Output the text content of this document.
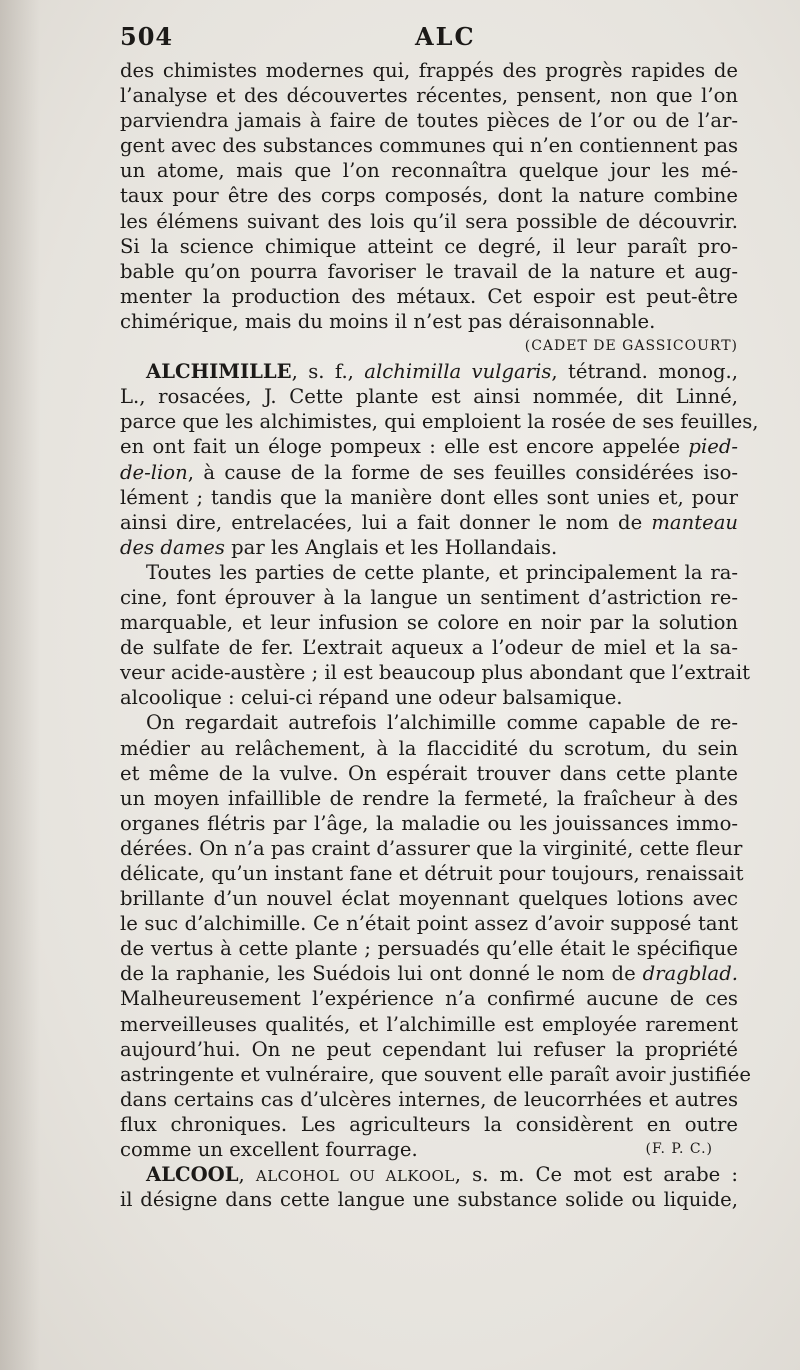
504	ALC
des chimistes modernes qui, frappés des progrès rapides de
l’analyse et des découvertes récentes, pensent, non que l’on
parviendra jamais à faire de toutes pièces de l’or ou de l’ar-
gent avec des substances communes qui n’en contiennent pas
un atome, mais que l’on reconnaîtra quelque jour les mé-
taux pour être des corps composés, dont la nature combine
les élémens suivant des lois qu’il sera possible de découvrir.
Si la science chimique atteint ce degré, il leur paraît pro-
bable qu’on pourra favoriser le travail de la nature et aug-
menter la production des métaux. Cet espoir est peut-être
chimérique, mais du moins il n’est pas déraisonnable.
(CADET DE GASSICOURT)
ALCHIMILLE, s. f., alchimilla vulgaris, tétrand. monog.,
L., rosacées, J. Cette plante est ainsi nommée, dit Linné,
parce que les alchimistes, qui emploient la rosée de ses feuilles,
en ont fait un éloge pompeux : elle est encore appelée pied-
de-lion, à cause de la forme de ses feuilles considérées iso-
lément ; tandis que la manière dont elles sont unies et, pour
ainsi dire, entrelacées, lui a fait donner le nom de manteau
des dames par les Anglais et les Hollandais.
Toutes les parties de cette plante, et principalement la ra-
cine, font éprouver à la langue un sentiment d’astriction re-
marquable, et leur infusion se colore en noir par la solution
de sulfate de fer. L’extrait aqueux a l’odeur de miel et la sa-
veur acide-austère ; il est beaucoup plus abondant que l’extrait
alcoolique : celui-ci répand une odeur balsamique.
On regardait autrefois l’alchimille comme capable de re-
médier au relâchement, à la flaccidité du scrotum, du sein
et même de la vulve. On espérait trouver dans cette plante
un moyen infaillible de rendre la fermeté, la fraîcheur à des
organes flétris par l’âge, la maladie ou les jouissances immo-
dérées. On n’a pas craint d’assurer que la virginité, cette fleur
délicate, qu’un instant fane et détruit pour toujours, renaissait
brillante d’un nouvel éclat moyennant quelques lotions avec
le suc d’alchimille. Ce n’était point assez d’avoir supposé tant
de vertus à cette plante ; persuadés qu’elle était le spécifique
de la raphanie, les Suédois lui ont donné le nom de dragblad.
Malheureusement l’expérience n’a confirmé aucune de ces
merveilleuses qualités, et l’alchimille est employée rarement
aujourd’hui. On ne peut cependant lui refuser la propriété
astringente et vulnéraire, que souvent elle paraît avoir justifiée
dans certains cas d’ulcères internes, de leucorrhées et autres
flux chroniques. Les agriculteurs la considèrent en outre
comme un excellent fourrage.	(F. P. C.)
ALCOOL, ALCOHOL OU ALKOOL, s. m. Ce mot est arabe :
il désigne dans cette langue une substance solide ou liquide,
